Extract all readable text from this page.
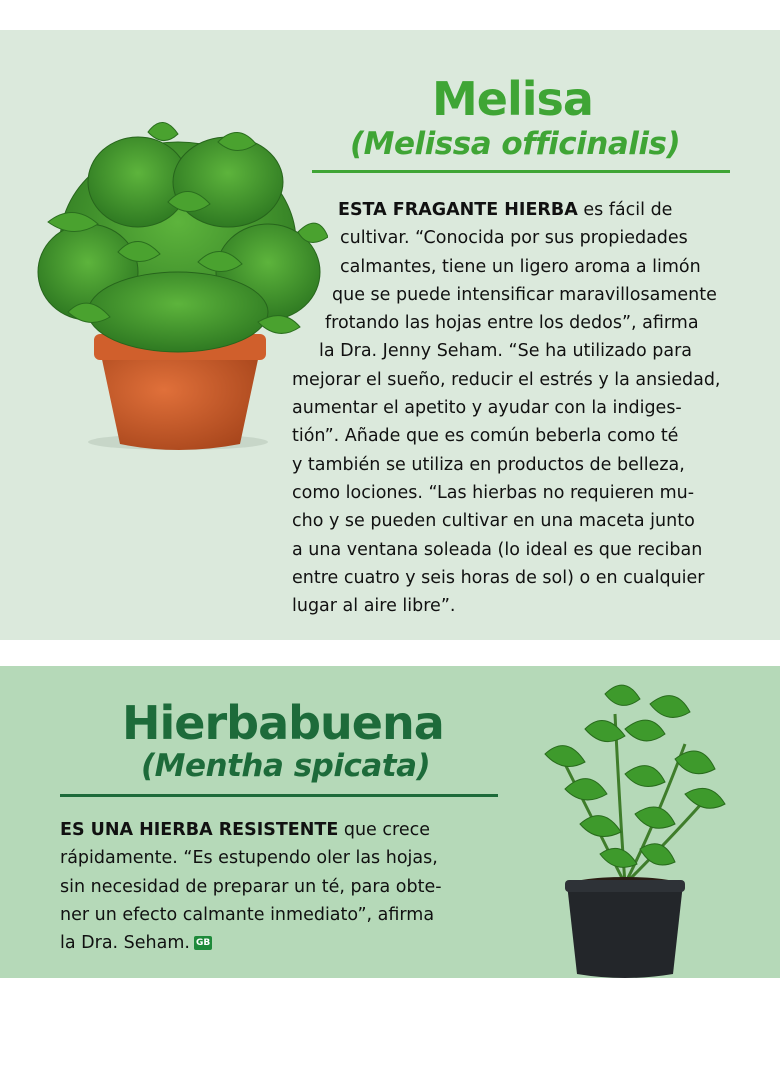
Melisa
(Melissa officinalis)
ESTA FRAGANTE HIERBA es fácil de
cultivar. “Conocida por sus propiedades
calmantes, tiene un ligero aroma a limón
que se puede intensificar maravillosamente
frotando las hojas entre los dedos”, afirma
la Dra. Jenny Seham. “Se ha utilizado para
mejorar el sueño, reducir el estrés y la ansiedad,
aumentar el apetito y ayudar con la indiges-
tión”. Añade que es común beberla como té
y también se utiliza en productos de belleza,
como lociones. “Las hierbas no requieren mu-
cho y se pueden cultivar en una maceta junto
a una ventana soleada (lo ideal es que reciban
entre cuatro y seis horas de sol) o en cualquier
lugar al aire libre”.
Hierbabuena
(Mentha spicata)
ES UNA HIERBA RESISTENTE que crece
rápidamente. “Es estupendo oler las hojas,
sin necesidad de preparar un té, para obte-
ner un efecto calmante inmediato”, afirma
la Dra. Seham. GB
